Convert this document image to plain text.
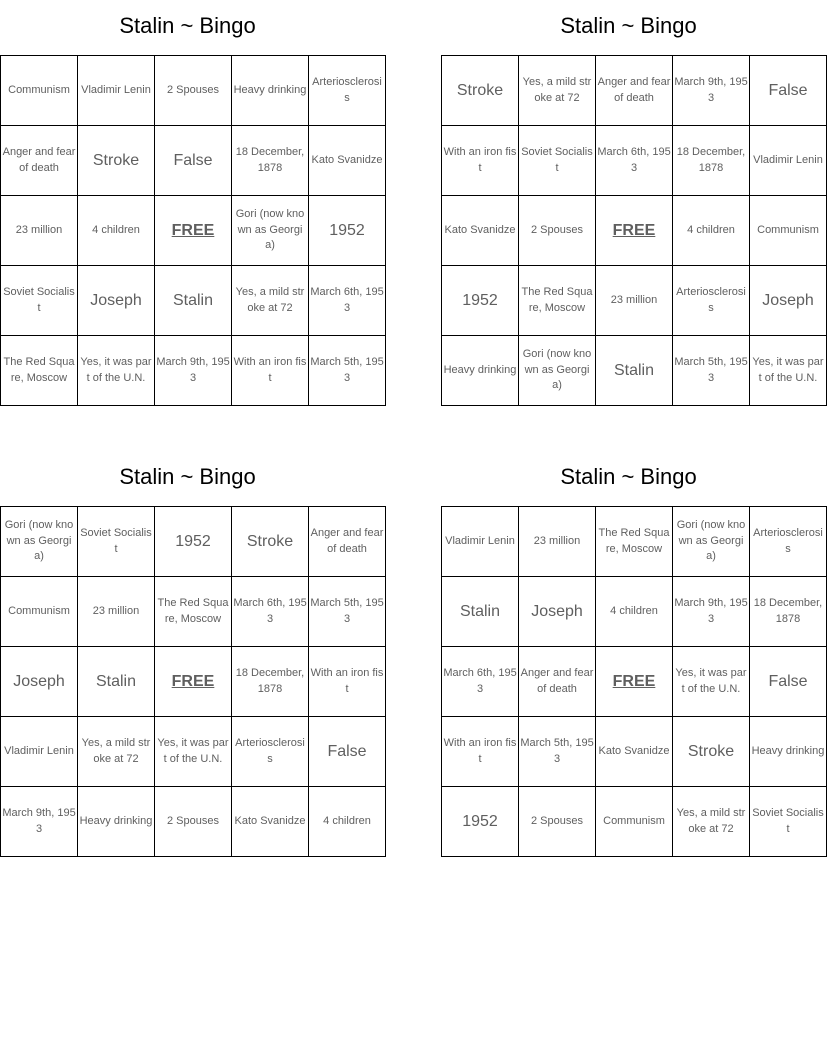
Stalin ~ Bingo
Communism	Vladimir Lenin	2 Spouses	Heavy drinking	Arteriosclerosis
Anger and fear of death	Stroke	False	18 December, 1878	Kato Svanidze
23 million	4 children	FREE	Gori (now known as Georgia)	1952
Soviet Socialist	Joseph	Stalin	Yes, a mild stroke at 72	March 6th, 1953
The Red Square, Moscow	Yes, it was part of the U.N.	March 9th, 1953	With an iron fist	March 5th, 1953
Stalin ~ Bingo
Stroke	Yes, a mild stroke at 72	Anger and fear of death	March 9th, 1953	False
With an iron fist	Soviet Socialist	March 6th, 1953	18 December, 1878	Vladimir Lenin
Kato Svanidze	2 Spouses	FREE	4 children	Communism
1952	The Red Square, Moscow	23 million	Arteriosclerosis	Joseph
Heavy drinking	Gori (now known as Georgia)	Stalin	March 5th, 1953	Yes, it was part of the U.N.
Stalin ~ Bingo
Gori (now known as Georgia)	Soviet Socialist	1952	Stroke	Anger and fear of death
Communism	23 million	The Red Square, Moscow	March 6th, 1953	March 5th, 1953
Joseph	Stalin	FREE	18 December, 1878	With an iron fist
Vladimir Lenin	Yes, a mild stroke at 72	Yes, it was part of the U.N.	Arteriosclerosis	False
March 9th, 1953	Heavy drinking	2 Spouses	Kato Svanidze	4 children
Stalin ~ Bingo
Vladimir Lenin	23 million	The Red Square, Moscow	Gori (now known as Georgia)	Arteriosclerosis
Stalin	Joseph	4 children	March 9th, 1953	18 December, 1878
March 6th, 1953	Anger and fear of death	FREE	Yes, it was part of the U.N.	False
With an iron fist	March 5th, 1953	Kato Svanidze	Stroke	Heavy drinking
1952	2 Spouses	Communism	Yes, a mild stroke at 72	Soviet Socialist
